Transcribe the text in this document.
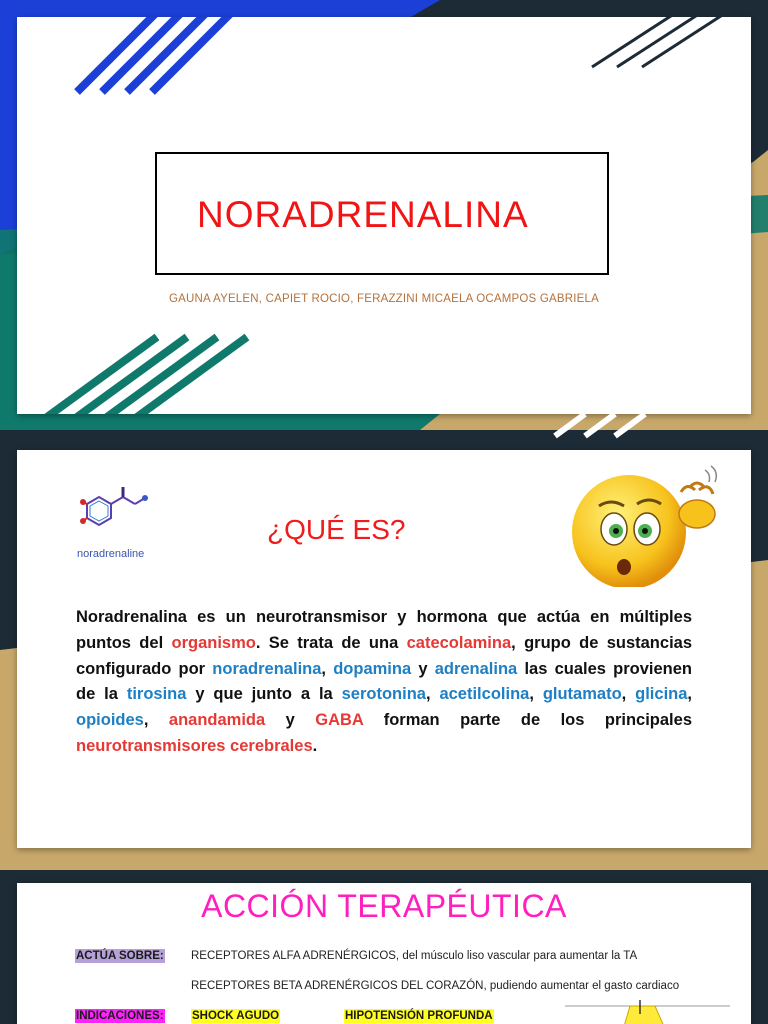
NORADRENALINA
GAUNA AYELEN, CAPIET ROCIO, FERAZZINI MICAELA OCAMPOS GABRIELA
noradrenaline
¿QUÉ ES?
Noradrenalina es un neurotransmisor y hormona que actúa en múltiples puntos del organismo. Se trata de una catecolamina, grupo de sustancias configurado por noradrenalina, dopamina y adrenalina las cuales provienen de la tirosina y que junto a la serotonina, acetilcolina, glutamato, glicina, opioides, anandamida y GABA forman parte de los principales neurotransmisores cerebrales.
ACCIÓN TERAPÉUTICA
ACTÚA SOBRE: RECEPTORES ALFA ADRENÉRGICOS, del músculo liso vascular para aumentar la TA
RECEPTORES BETA ADRENÉRGICOS DEL CORAZÓN, pudiendo aumentar el gasto cardiaco
INDICACIONES: SHOCK AGUDO	HIPOTENSIÓN PROFUNDA
